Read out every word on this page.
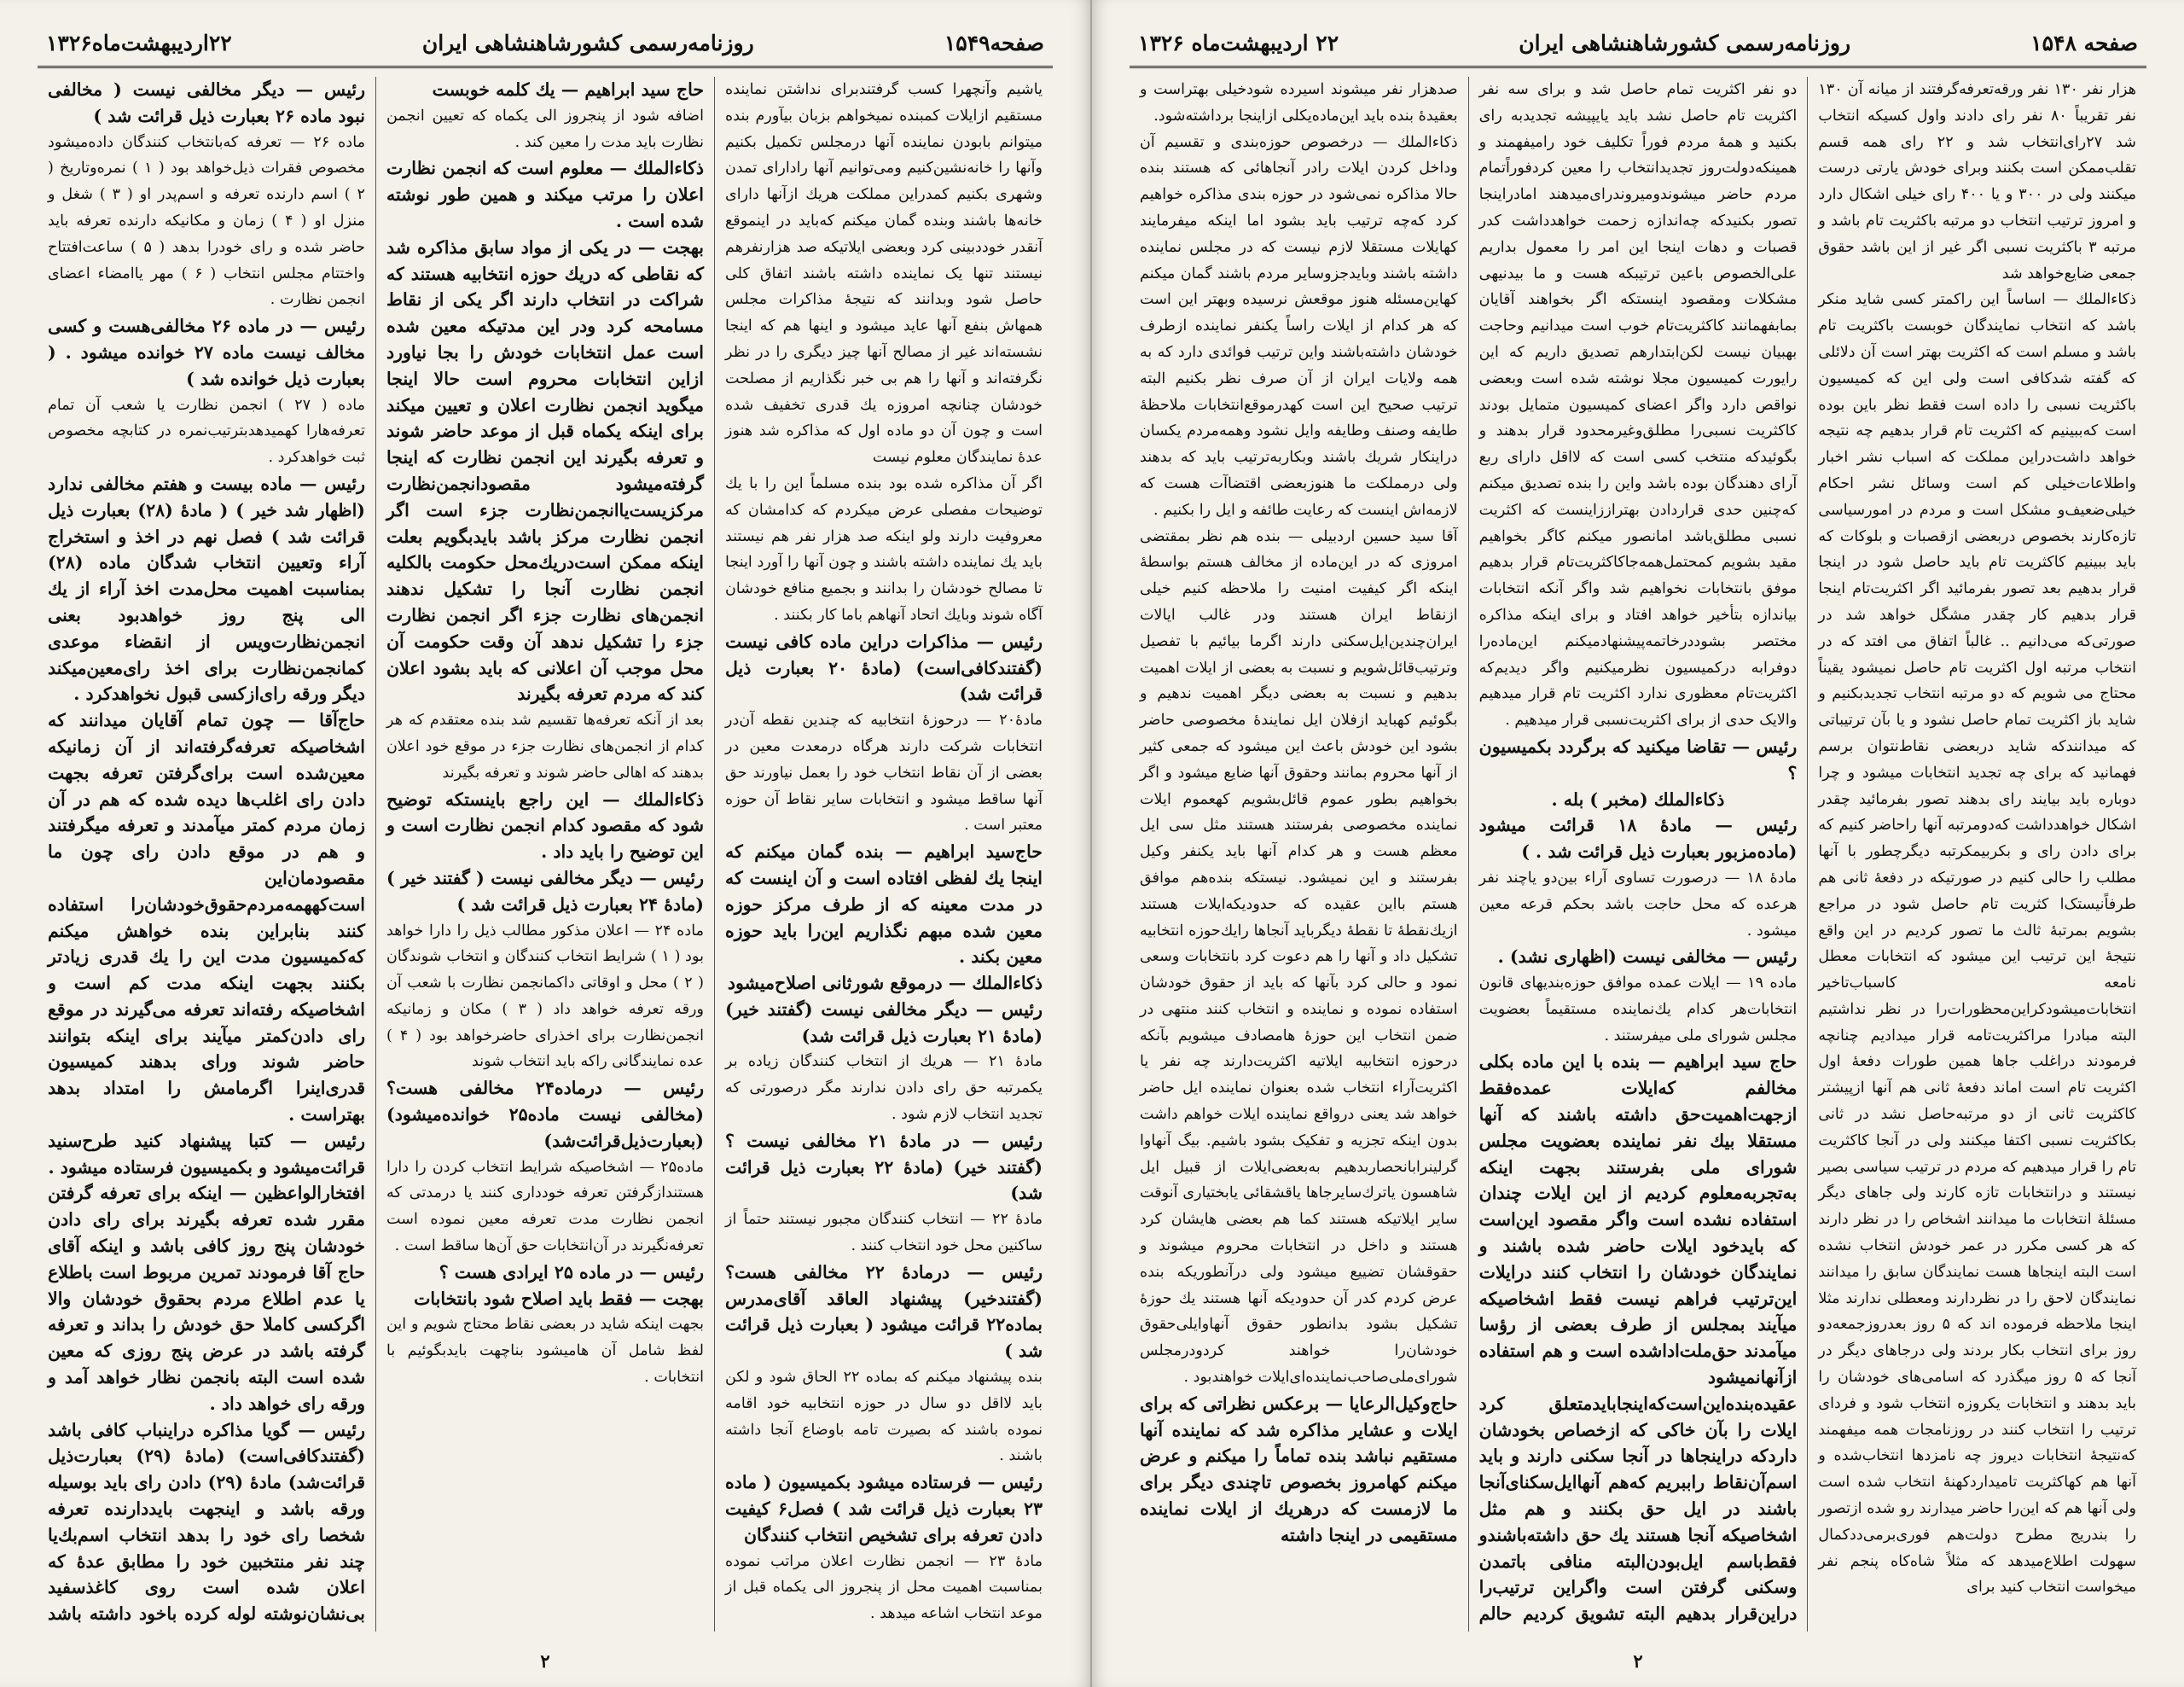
صفحه۱۵۴۹
روزنامه‌رسمی کشورشاهنشاهی ایران
۲۲اردیبهشت‌ماه۱۳۲۶

یاشیم وآنچهرا کسب گرفتندبرای نداشتن نماینده مستقیم ازایلات کمبنده نمیخواهم بزبان بیآورم بنده میتوانم بابودن نماینده آنها درمجلس تکمیل بکنیم وآنها را خانه‌نشین‌کنیم ومی‌توانیم آنها رادارای تمدن وشهری بکنیم کمدراین مملکت هریك ازآنها دارای خانه‌ها باشند وبنده گمان میکنم که‌باید در اینموقع آنقدر خوددبینی کرد وبعضی ایلاتیکه صد هزارنفرهم نیستند تنها یک نماینده داشته باشند اتفاق کلی حاصل شود وبدانند که نتیجهٔ مذاکرات مجلس همهاش بنفع آنها عاید میشود و اینها هم که اینجا نشسته‌اند غیر از مصالح آنها چیز دیگری را در نظر نگرفته‌اند و آنها را هم بی خبر نگذاریم از مصلحت خودشان چنانچه امروزه یك قدری تخفیف شده است و چون آن دو ماده اول که مذاکره شد هنوز عدهٔ نمایندگان معلوم نیست

اگر آن مذاکره شده بود بنده مسلماً این را با یك توضیحات مفصلی عرض میکردم که کدامشان که معروفیت دارند ولو اینکه صد هزار نفر هم نیستند باید یك نماینده داشته باشند و چون آنها را آورد اینجا تا مصالح خودشان را بدانند و بجمیع منافع خودشان آگاه شوند وبایك اتحاد آنهاهم باما کار بکنند .

رئیس — مذاکرات دراین ماده کافی نیست (گفتندکافی‌است) (مادهٔ ۲۰ بعبارت ذیل قرائت شد)

مادهٔ۲۰ — درحوزهٔ انتخابیه که چندین نقطه آن‌در انتخابات شرکت دارند هرگاه درمعدت معین در بعضی از آن نقاط انتخاب خود را بعمل نیاورند حق آنها ساقط میشود و انتخابات سایر نقاط آن حوزه معتبر است .

حاج‌سید ابراهیم — بنده گمان میکنم که اینجا یك لفظی افتاده است و آن اینست که در مدت معینه که از طرف مرکز حوزه معین شده مبهم نگذاریم این‌را باید حوزه معین بکند .

ذکاءالملك — درموقع شورثانی اصلاح‌میشود

رئیس — دیگر مخالفی نیست (گفتند خیر) (مادهٔ ۲۱ بعبارت ذیل قرائت شد)

مادهٔ ۲۱ — هریك از انتخاب کنندگان زیاده بر یکمرتبه حق رای دادن ندارند مگر درصورتی که تجدید انتخاب لازم شود .

رئیس — در مادهٔ ۲۱ مخالفی نیست ؟ (گفتند خیر) (مادهٔ ۲۲ بعبارت ذیل قرائت شد)

مادهٔ ۲۲ — انتخاب کنندگان مجبور نیستند حتماً از ساکنین محل خود انتخاب کنند .

رئیس — درمادهٔ ۲۲ مخالفی هست؟(گفتندخیر) پیشنهاد العاقد آقای‌مدرس بماده۲۲ قرائت میشود ( بعبارت ذیل قرائت شد )

بنده پیشنهاد میکنم که بماده ۲۲ الحاق شود و لکن باید لااقل دو سال در حوزه انتخابیه خود اقامه نموده باشند که بصیرت تامه باوضاع آنجا داشته باشند .

رئیس — فرستاده میشود بکمیسیون ( ماده ۲۳ بعبارت ذیل قرائت شد ) فصل۶ کیفیت دادن تعرفه برای تشخیص انتخاب کنندگان

مادهٔ ۲۳ — انجمن نظارت اعلان مراتب نموده بمناسبت اهمیت محل از پنجروز الی یکماه قبل از موعد انتخاب اشاعه میدهد .

حاج سید ابراهیم — یك کلمه خوبست

اضافه شود از پنجروز الی یکماه که تعیین انجمن نظارت باید مدت را معین کند .

ذکاءالملك — معلوم است که انجمن نظارت اعلان را مرتب میکند و همین طور نوشته شده است .

بهجت — در یکی از مواد سابق مذاکره شد که نقاطی که دریك حوزه انتخابیه هستند که شراکت در انتخاب دارند اگر یکی از نقاط مسامحه کرد ودر این مدتیکه معین شده است عمل انتخابات خودش را بجا نیاورد ازاین انتخابات محروم است حالا اینجا میگوید انجمن نظارت اعلان و تعیین میکند برای اینکه یکماه قبل از موعد حاضر شوند و تعرفه بگیرند این انجمن نظارت که اینجا گرفته‌میشود مقصودانجمن‌نظارت مرکزیست‌یاانجمن‌نظارت جزء است اگر انجمن نظارت مرکز باشد بایدبگویم بعلت اینکه ممکن است‌دریك‌محل حکومت بالکلیه انجمن نظارت آنجا را تشکیل ندهند انجمن‌های نظارت جزء اگر انجمن نظارت جزء را تشکیل ندهد آن وقت حکومت آن محل موجب آن اعلانی که باید بشود اعلان کند که مردم تعرفه بگیرند

بعد از آنکه تعرفه‌ها تقسیم شد بنده معتقدم که هر کدام از انجمن‌های نظارت جزء در موقع خود اعلان بدهند که اهالی حاضر شوند و تعرفه بگیرند

ذکاءالملك — این راجع باینستکه توضیح شود که مقصود کدام انجمن نظارت است و این توضیح را باید داد .

رئیس — دیگر مخالفی نیست ( گفتند خیر ) (مادهٔ ۲۴ بعبارت ذیل قرائت شد )

ماده ۲۴ — اعلان مذکور مطالب ذیل را دارا خواهد بود ( ۱ ) شرایط انتخاب کنندگان و انتخاب شوندگان ( ۲ ) محل و اوقاتی داکمانجمن نظارت با شعب آن ورقه تعرفه خواهد داد ( ۳ ) مکان و زمانیکه انجمن‌نظارت برای اخذرای حاضرخواهد بود ( ۴ ) عده نمایندگانی راکه باید انتخاب شوند

رئیس — درماده۲۴ مخالفی هست؟(مخالفی نیست ماده۲۵ خوانده‌میشود) (بعبارت‌ذیل‌قرائت‌شد)

ماده۲۵ — اشخاصیکه شرایط انتخاب کردن را دارا هستند‌ازگرفتن تعرفه خودداری کنند یا درمدتی که انجمن نظارت مدت تعرفه معین نموده است تعرفه‌نگیرند در آن‌انتخابات حق آن‌ها ساقط است .

رئیس — در ماده ۲۵ ایرادی هست ؟

بهجت — فقط باید اصلاح شود بانتخابات

بجهت اینکه شاید در بعضی نقاط محتاج شویم و این لفظ شامل آن هامیشود بناچهت بایدبگوئیم با انتخابات .

رئیس — دیگر مخالفی نیست ( مخالفی نبود ماده ۲۶ بعبارت ذیل قرائت شد )

ماده ۲۶ — تعرفه که‌بانتخاب کنندگان داده‌میشود مخصوص فقرات ذیل‌خواهد بود ( ۱ ) نمره‌وتاریخ ( ۲ ) اسم دارنده تعرفه و اسم‌پدر او ( ۳ ) شغل و منزل او ( ۴ ) زمان و مکانیکه دارنده تعرفه باید حاضر شده و رای خودرا بدهد ( ۵ ) ساعت‌افتتاح واختتام مجلس انتخاب ( ۶ ) مهر یاامضاء اعضای انجمن نظارت .

رئیس — در ماده ۲۶ مخالفی‌هست و کسی مخالف نیست ماده ۲۷ خوانده میشود . ( بعبارت ذیل خوانده شد )

ماده ( ۲۷ ) انجمن نظارت یا شعب آن تمام تعرفه‌هارا کهمیدهدبترتیب‌نمره در کتابچه مخصوص ثبت خواهدکرد .

رئیس — ماده بیست و هفتم مخالفی ندارد (اظهار شد خیر ) ( مادهٔ (۲۸) بعبارت ذیل قرائت شد ) فصل نهم در اخذ و استخراج آراء وتعیین انتخاب شدگان ماده (۲۸) بمناسبت اهمیت محل‌مدت اخذ آراء از یك الی پنج روز خواهدبود بعنی انجمن‌نظارت‌ویس از انقضاء موعدی کمانجمن‌نظارت برای اخذ رای‌معین‌میکند دیگر ورقه رای‌ازکسی قبول نخواهدکرد .

حاج‌آقا — چون تمام آقایان میدانند که اشخاصیکه تعرفه‌گرفته‌اند از آن زمانیکه معین‌شده است برای‌گرفتن تعرفه بجهت دادن رای اغلب‌ها دیده شده که هم در آن زمان مردم کمتر میآمدند و تعرفه میگرفتند و هم در موقع دادن رای چون ما مقصودمان‌این است‌کههمه‌مردم‌حقوق‌خودشان‌را استفاده کنند بنابراین بنده خواهش میکنم که‌کمیسیون مدت این را یك قدری زیادتر بکنند بجهت اینکه مدت کم است و اشخاصیکه رفته‌اند تعرفه می‌گیرند در موقع رای دادن‌کمتر میآیند برای اینکه بتوانند حاضر شوند ورای بدهند کمیسیون قدری‌اینرا اگرمامش را امتداد بدهد بهتراست .

رئیس — کتبا پیشنهاد کنید طرح‌سنید قرائت‌میشود و بکمیسیون فرستاده میشود .

افتخارالواعظین — اینکه برای تعرفه گرفتن مقرر شده تعرفه بگیرند برای رای دادن خودشان پنج روز کافی باشد و اینکه آقای حاج آقا فرمودند تمرین مربوط است باطلاع یا عدم اطلاع مردم بحقوق خودشان والا اگرکسی کاملا حق خودش را بداند و تعرفه گرفته باشد در عرض پنج روزی که معین شده است البته بانجمن نظار خواهد آمد و ورقه رای خواهد داد .

رئیس — گویا مذاکره دراینباب کافی باشد (گفتندکافی‌است) (مادهٔ (۲۹) بعبارت‌ذیل قرائت‌شد) مادهٔ (۲۹) دادن رای باید بوسیله ورقه باشد و اینجهت بایددارنده تعرفه شخصا رای خود را بدهد انتخاب اسم‌بك‌یا چند نفر منتخبین خود را مطابق عدهٔ که اعلان شده است روی کاغذسفید بی‌نشان‌نوشته لوله کرده باخود داشته باشد

۲
صفحه ۱۵۴۸
روزنامه‌رسمی کشورشاهنشاهی ایران
۲۲ اردیبهشت‌ماه ۱۳۲۶

هزار نفر ۱۳۰ نفر ورقه‌تعرفه‌گرفتند از میانه آن ۱۳۰ نفر تقریباً ۸۰ نفر رای دادند واول کسیکه انتخاب شد ۲۷رای‌انتخاب شد و ۲۲ رای همه قسم تقلب‌ممکن است بکنند وبرای خودش یارتی درست میکنند ولی در ۳۰۰ و یا ۴۰۰ رای خیلی اشکال دارد و امروز ترتیب انتخاب دو مرتبه باکثریت تام باشد و مرتبه ۳ باکثریت نسبی اگر غیر از این باشد حقوق جمعی ضایع‌خواهد شد

ذکاءالملك — اساساً این راکمتر کسی شاید منکر باشد که انتخاب نمایندگان خوبست باکثریت تام باشد و مسلم است که اکثریت بهتر است آن دلائلی که گفته شدکافی است ولی این که کمیسیون باکثریت نسبی را داده است فقط نظر باین بوده است که‌ببینیم که اکثریت تام قرار بدهیم چه نتیجه خواهد داشت‌دراین مملکت که اسباب نشر اخبار واطلاعات‌خیلی کم است وسائل نشر احکام خیلی‌ضعیف‌و مشکل است و مردم در امورسیاسی تازه‌کار‌ند بخصوص دربعضی ازقصبات و بلوکات که باید ببینیم کاکثریت تام باید حاصل شود در اینجا قرار بدهیم بعد تصور بفرمائید اگر اکثریت‌تام اینجا قرار بدهیم کار چقدر مشگل خواهد شد در صورتی‌که می‌دانیم .. غالباً اتفاق می افتد که در انتخاب مرتبه اول اکثریت تام حاصل نمیشود یقیناً محتاج می شویم که دو مرتبه انتخاب تجدیدبکنیم و شاید باز اکثریت تمام حاصل نشود و یا بآن ترتیباتی که میدانندکه شاید دربعضی نقاط‌نتوان برسم فهمانید که برای چه تجدید انتخابات میشود و چرا دوباره باید بیایند رای بدهند تصور بفرمائید چقدر اشکال خواهدداشت که‌دومرتبه آنها راحاضر کنیم که برای دادن رای و بکربیمکرتبه دیگرچطور با آنها مطلب را حالی کنیم در صورتیکه در دفعهٔ ثانی هم طرفاً‌نیستک‌ا کثریت تام حاصل شود در مراجع بشویم بمرتبهٔ ثالث ما تصور کردیم در این واقع نتیجهٔ این ترتیب این میشود که انتخابات معطل نامعه کاسباب‌تاخیر انتخابات‌میشود‌کراین‌محظورات‌را در نظر نداشتیم البته مبادرا مراکثریت‌تامه قرار میدادیم چنانچه فرمودند دراغلب جاها همین طورات دفعهٔ اول اکثریت تام است اماند دفعهٔ ثانی هم آنها ازپیشتر کاکثریت ثانی از دو مرتبه‌حاصل نشد در ثانی بکاکثریت نسبی اکتفا میکنند ولی در آنجا کاکثریت تام را قرار میدهیم که مردم در ترتیب سیاسی بصیر نیستند و درانتخابات تازه کارند ولی جاهای دیگر مسئلهٔ انتخابات ما میدانند اشخاص را در نظر دارند که هر کسی مکرر در عمر خودش انتخاب نشده است البته اینجاها هست نمایندگان سابق‌ را میدانند نمایندگان لاحق را در نظردارند ومعطلی ندارند مثلا اینجا ملاحظه فرموده اند که ۵ روز بعدروزجمعه‌دو روز برای انتخاب بکار بردند ولی درجاهای دیگر در آنجا که ۵ روز میگذرد که اسامی‌ها‌ی خودشان را باید بدهند و انتخابات یکروزه انتخاب شود و فردای ترتیب را انتخاب کنند در روزنامجات همه میفهمند که‌نتیجهٔ انتخابات دیروز چه نامزدها انتخاب‌شده‌ و آنها هم کهاکثریت تامیدارد‌کهنهٔ انتخاب شده است ولی آنها هم که‌ این‌را حاضر میدارند رو شده ازتصور را بندریج مطرح دولت‌هم فوری‌برمی‌دد‌کمال سهولت‌ اطلاع‌میدهد که مثلاً شاه‌کاه‌ پنجم‌ نفر میخواست‌ انتخاب کنید‌ برای

دو نفر اکثریت تمام حاصل شد و برای سه نفر اکثریت تام حاصل نشد باید یایپیشه تجدیدبه رای بکنید و همهٔ مردم فوراً تکلیف خود رامیفهمند و همینکه‌دولت‌روز تجدیدانتخاب را معین کردفوراًتمام مردم حاضر میشوندومیروندرای‌میدهند امادراینجا تصور بکنیدکه چه‌اندازه زحمت خواهدداشت کدر قصبات و دهات اینجا این امر را معمول بداریم علی‌الخصوص باعین ترتیبکه هست و ما بیدنیهی مشکلات ومقصود اینستکه اگر بخواهند آقایان بمابفهمانند کاکثریت‌تام خوب است میدانیم وحاجت بهبیان نیست لکن‌ابتدارهم تصدیق داریم که‌ این رایورت کمیسیون مجلا نوشته شده است وبعضی نواقص دارد واگر اعضای کمیسیون متمایل بودند کاکثریت نسبی‌را مطلق‌وغیرمحدود قرار بدهند و بگوئیدکه منتخب‌ کسی است که‌ لااقل دارای ربع آرای دهندگان بوده باشد واین را بنده تصدیق میکنم که‌چنین حدی قراردادن بهتراززاینست که اکثریت نسبی مطلق‌باشد امانصور میکنم کاگر بخواهیم مقید بشویم کمحتمل‌همه‌جاکاکثریت‌تام قرار بدهیم موفق بانتخابات نخواهیم شد واگر آنکه انتخابات بیاندازه‌ بتأخیر خواهد افتاد و برای اینکه مذاکره مختصر بشوددرخاتمه‌پیشنهادمیکنم این‌ماده‌را دوفرابه درکمیسیون نظرمیکنیم واگر دیدیم‌که اکثریت‌تام معظوری ندارد اکثریت تام قرار میدهیم والایک حدی‌ از برای اکثریت‌نسبی قرار میدهیم .

رئیس — تقاضا میکنید که برگردد بکمیسیون ؟

ذکاءالملك (مخبر ) بله .

رئیس — مادهٔ ۱۸ قرائت میشود (ماده‌مزبور بعبارت ذیل قرائت شد . )

مادهٔ ۱۸ — درصورت تساوی آراء بین‌دو یاچند نفر هرعده که محل حاجت باشد بحکم قرعه معین میشود .

رئیس — مخالفی نیست (اظهاری نشد) .

ماده ۱۹ — ایلات عمده موافق حوزه‌بندیهای قانون انتخابات‌هر کدام یك‌نماینده مستقیماً بعضویت مجلس شورای ملی میفرستند .

حاج سید ابراهیم — بنده با این ماده بکلی مخالفم که‌ایلات عمده‌فقط ازجهت‌اهمیت‌حق داشته باشند که آنها مستقلا بیك نفر نماینده بعضویت مجلس شورای ملی بفرستند بجهت اینکه به‌تجربه‌معلوم کردیم از این ایلات‌ چندان استفاده نشده است واگر مقصود این‌است که بایدخود ایلات حاضر شده باشند و نمایندگان خودشان را انتخاب کنند درایلات این‌ترتیب فراهم نیست فقط اشخاصیکه‌ میآیند بمجلس از طرف بعضی از رؤسا میآمدند حق‌ملت‌ادا‌شده است و هم استفاده از‌آنها‌نمیشود عقیده‌بنده‌این‌است‌که‌اینجابایدمتعلق کرد ایلات را بآن خاکی که ازخصاص بخودشان دارد‌که دراینجاها‌‌ در آنجا سکنی‌ دارند و باید اسم‌آن‌نقاط را‌ببریم که‌هم آنهاایل‌سکنای‌آنجا باشند در ایل حق بکنند و هم‌ مثل اشخاصیکه آنجا هستند یك حق داشته‌باشندو فقط‌باسم ایل‌بودن‌البته منافی باتمدن وسکنی گرفتن است واگراین‌ ترتیب‌را دراین‌قرار بدهیم البته تشویق کردیم حالم

صدهزار نفر میشوند اسیرده شودخیلی بهتراست و بعقیدهٔ بنده باید این‌ماده‌یکلی ازاینجا برداشته‌شود.

ذکاءالملك — درخصوص حوزه‌بندی و تقسیم آن وداخل کردن ایلات رادر آنجاهائی که هستند بنده حالا مذاکره نمی‌شود در حوزه بندی مذاکره خواهیم کرد که‌چه ترتیب باید بشود اما اینکه میفرمایند کهایلات مستقلا لازم نیست که در مجلس نماینده داشته باشند وبایدجزوسایر مردم باشند گمان میکنم کهاین‌مسئله هنوز موقعش نرسیده وبهتر این است که هر کدام از ایلات راساً یکنفر نماینده ازطرف خودشان داشته‌باشند واین ترتیب فوائدی دارد که به همه ولایات ایران از آن صرف نظر بکنیم البته ترتیب صحیح این است کهدرموقع‌انتخابات ملاحظهٔ طایفه وصنف وطایفه وایل نشود وهمه‌مردم یکسان دراینکار شریك باشند وبکاربه‌ترتیب باید که بدهند ولی درمملکت ما هنوزبعضی اقتضاآت هست که لازمه‌اش اینست که رعایت طائفه و ایل را بکنیم .

آقا سید حسین اردبیلی — بنده هم نظر بمقتضی امروزی که در این‌ماده از مخالف هستم بواسطهٔ اینکه اگر کیفیت امنیت را ملاحظه کنیم خیلی ازنقاط ایران هستند ودر غالب ایالات ایران‌چندین‌ایل‌سکنی دارند اگرما بیائیم با تفصیل وترتیب‌قائل‌شویم و نسبت به بعضی از ایلات اهمیت بدهیم و نسبت به بعضی دیگر اهمیت ندهیم و بگوئیم کهباید ازفلان ایل نمایندهٔ مخصوصی حاضر بشود این خودش باعث این میشود که جمعی کثیر از آنها محروم بمانند وحقوق آنها ضایع میشود و اگر بخواهیم بطور عموم قائل‌بشویم کهعموم ایلات نماینده مخصوصی بفرستند هستند مثل سی ایل معظم هست و هر کدام آنها باید یکنفر وکیل بفرستند و این نمیشود. نیستکه بنده‌هم موافق هستم بااین عقیده که حدودیکه‌ایلات هستند ازیك‌نقطهٔ تا نقطهٔ دیگرباید آنجاها رایك‌حوزه انتخابیه تشکیل داد و آنها را هم دعوت کرد بانتخابات وسعی نمود و حالی کرد بآنها که باید از حقوق خودشان استفاده نموده و نماینده و انتخاب کنند منتهی در ضمن انتخاب این حوزهٔ هامصادف میشویم بآنکه درحوزه انتخابیه ایلاتیه اکثریت‌دارند چه نفر یا اکثریت‌آراء انتخاب شده بعنوان نماینده ایل حاضر خواهد شد یعنی درواقع نماینده ایلات خواهم داشت بدون اینکه تجزیه و تفکیک بشود باشیم. بیگ آنهاوا گرلینرابانحصار‌بدهیم به‌بعضی‌ایلات از قبیل ایل شاهسون یاترك‌سایرجاها یاقشقائی یابختیاری آنوقت سایر ایلاتیکه هستند کما هم بعضی هایشان کرد هستند و داخل در انتخابات محروم میشوند و حقوقشان تضییع میشود ولی درآنطوریکه بنده عرض کردم کدر آن حدودیکه آنها هستند یك حوزهٔ تشکیل بشود بدانطور حقوق آنهاوایلی‌حقوق خودشان‌را خواهند کردودرمجلس شورای‌ملی‌صاحب‌نماینده‌ای‌ایلات خواهندبود .

حاج‌وکیل‌الرعایا — برعکس نظراتی که برای ایلات و عشایر مذاکره شد که نماینده آنها مستقیم نباشد بنده تماماً را میکنم و عرض میکنم کهامروز بخصوص تاچندی دیگر برای ما لازمست که درهریك از ایلات نماینده مستقیمی در اینجا داشته

۲
